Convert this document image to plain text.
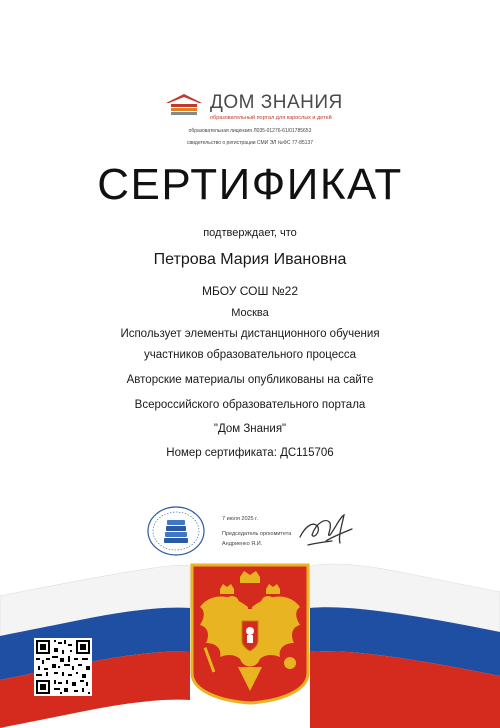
ДОМ ЗНАНИЯ
образовательный портал для взрослых и детей
образовательная лицензия Л035-01276-61/01785653
свидетельство о регистрации СМИ ЭЛ №ФС 77-85137
СЕРТИФИКАТ
подтверждает, что
Петрова Мария Ивановна
МБОУ СОШ №22
Москва
Использует элементы дистанционного обучения
участников образовательного процесса
Авторские материалы опубликованы на сайте
Всероссийского образовательного портала
"Дом Знания"
Номер сертификата: ДС115706
7 июля 2025 г.
Председатель оргкомитета
Андриенко Я.И.
